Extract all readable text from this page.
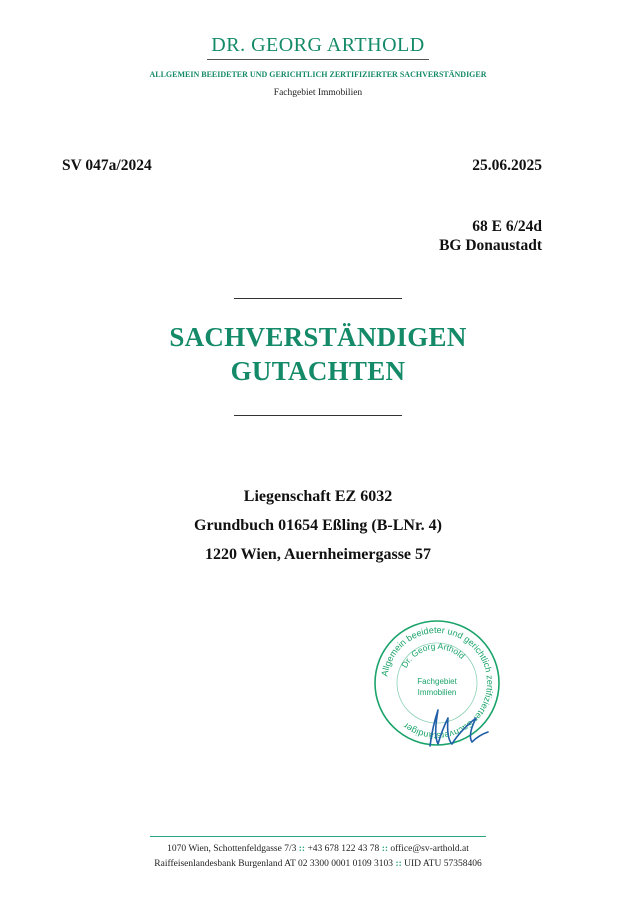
DR. GEORG ARTHOLD
ALLGEMEIN BEEIDETER UND GERICHTLICH ZERTIFIZIERTER SACHVERSTÄNDIGER
Fachgebiet Immobilien
SV 047a/2024	25.06.2025
68 E 6/24d
BG Donaustadt
SACHVERSTÄNDIGEN
GUTACHTEN
Liegenschaft EZ 6032
Grundbuch 01654 Eßling (B-LNr. 4)
1220 Wien, Auernheimergasse 57
Allgemein beeideter und gerichtlich zertifizierter Sachverständiger
Dr. Georg Arthold
Fachgebiet
Immobilien
1070 Wien, Schottenfeldgasse 7/3 :: +43 678 122 43 78 :: office@sv-arthold.at
Raiffeisenlandesbank Burgenland AT 02 3300 0001 0109 3103 :: UID ATU 57358406
